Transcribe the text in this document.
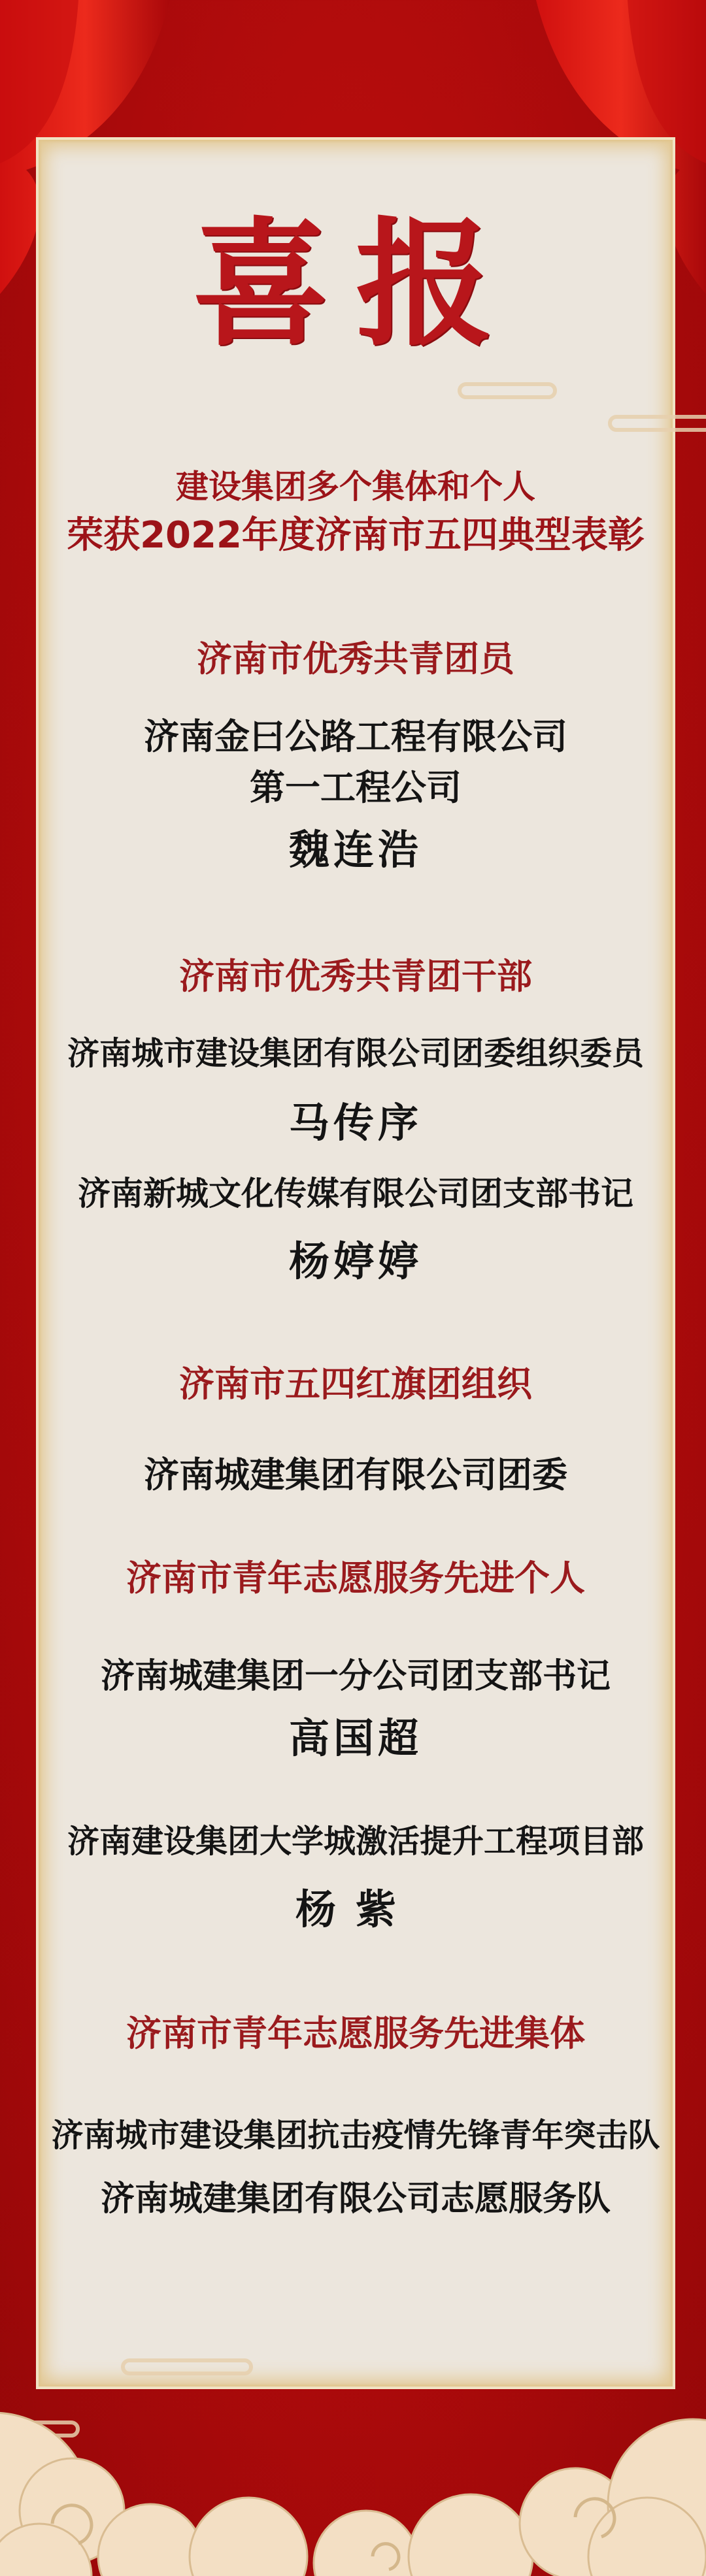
喜报
建设集团多个集体和个人
荣获2022年度济南市五四典型表彰
济南市优秀共青团员
济南金曰公路工程有限公司
第一工程公司
魏连浩
济南市优秀共青团干部
济南城市建设集团有限公司团委组织委员
马传序
济南新城文化传媒有限公司团支部书记
杨婷婷
济南市五四红旗团组织
济南城建集团有限公司团委
济南市青年志愿服务先进个人
济南城建集团一分公司团支部书记
高国超
济南建设集团大学城激活提升工程项目部
杨紫
济南市青年志愿服务先进集体
济南城市建设集团抗击疫情先锋青年突击队
济南城建集团有限公司志愿服务队
